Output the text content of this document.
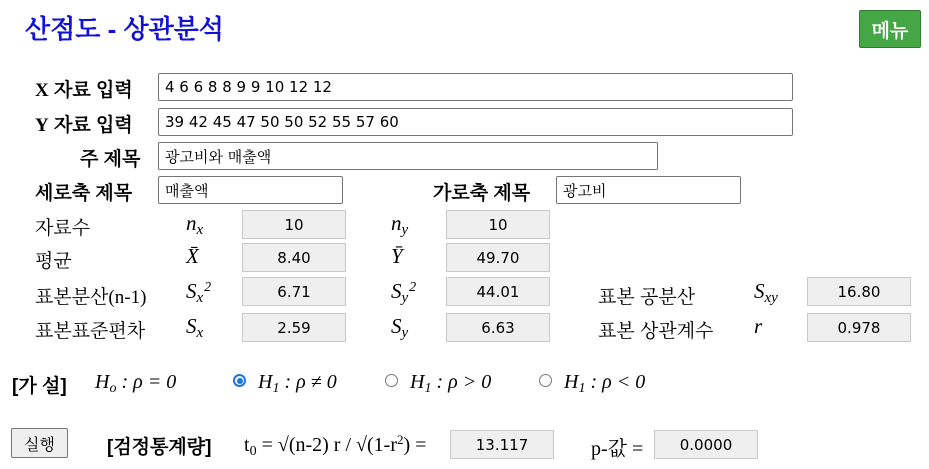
산점도 - 상관분석	메뉴
X 자료 입력	4 6 6 8 8 9 9 10 12 12
Y 자료 입력	39 42 45 47 50 50 52 55 57 60
주 제목	광고비와 매출액
세로축 제목	매출액	가로축 제목	광고비
자료수	$n_x$	10	$n_y$	10
평균	X̄	8.40	Ȳ	49.70
표본분산(n-1) $S_x^2$	6.71	$S_y^2$	44.01	표본 공분산	$S_{xy}$	16.80
표본표준편차 $S_x$	2.59	$S_y$	6.63	표본 상관계수 r	0.978
[가 설] $H_o$ : ρ = 0	$H_1$ : ρ ≠ 0	$H_1$ : ρ > 0	$H_1$ : ρ < 0
실행	[검정통계량] $t_0 = √(n-2)$ r / $√(1-r^2)$ =	13.117	p-값 =	0.0000
